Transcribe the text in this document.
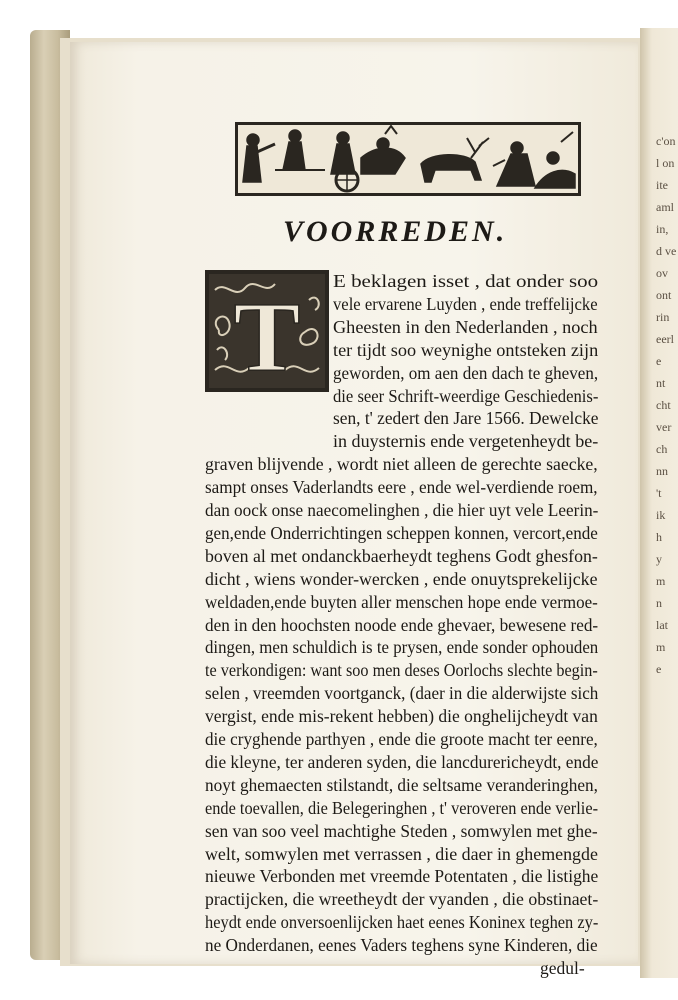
c'on
l on
ite
aml
in,
d ve
ov
ont
rin
eerl
e
nt
cht
ver
ch
nn
't
ik
h
y
m
n
lat
m
e
VOORREDEN.
T E beklagen isset , dat onder soo
vele ervarene Luyden , ende treffelijcke
Gheesten in den Nederlanden , noch
ter tijdt soo weynighe ontsteken zijn
geworden, om aen den dach te gheven,
die seer Schrift-weerdige Geschiedenis-
sen, t' zedert den Jare 1566. Dewelcke
in duysternis ende vergetenheydt be-
graven blijvende , wordt niet alleen de gerechte saecke,
sampt onses Vaderlandts eere , ende wel-verdiende roem,
dan oock onse naecomelinghen , die hier uyt vele Leerin-
gen,ende Onderrichtingen scheppen konnen, vercort,ende
boven al met ondanckbaerheydt teghens Godt ghesfon-
dicht , wiens wonder-wercken , ende onuytsprekelijcke
weldaden,ende buyten aller menschen hope ende vermoe-
den in den hoochsten noode ende ghevaer, bewesene red-
dingen, men schuldich is te prysen, ende sonder ophouden
te verkondigen: want soo men deses Oorlochs slechte begin-
selen , vreemden voortganck, (daer in die alderwijste sich
vergist, ende mis-rekent hebben) die onghelijcheydt van
die cryghende parthyen , ende die groote macht ter eenre,
die kleyne, ter anderen syden, die lancdurericheydt, ende
noyt ghemaecten stilstandt, die seltsame veranderinghen,
ende toevallen, die Belegeringhen , t' veroveren ende verlie-
sen van soo veel machtighe Steden , somwylen met ghe-
welt, somwylen met verrassen , die daer in ghemengde
nieuwe Verbonden met vreemde Potentaten , die listighe
practijcken, die wreetheydt der vyanden , die obstinaet-
heydt ende onversoenlijcken haet eenes Koninex teghen zy-
ne Onderdanen, eenes Vaders teghens syne Kinderen, die
gedul-
